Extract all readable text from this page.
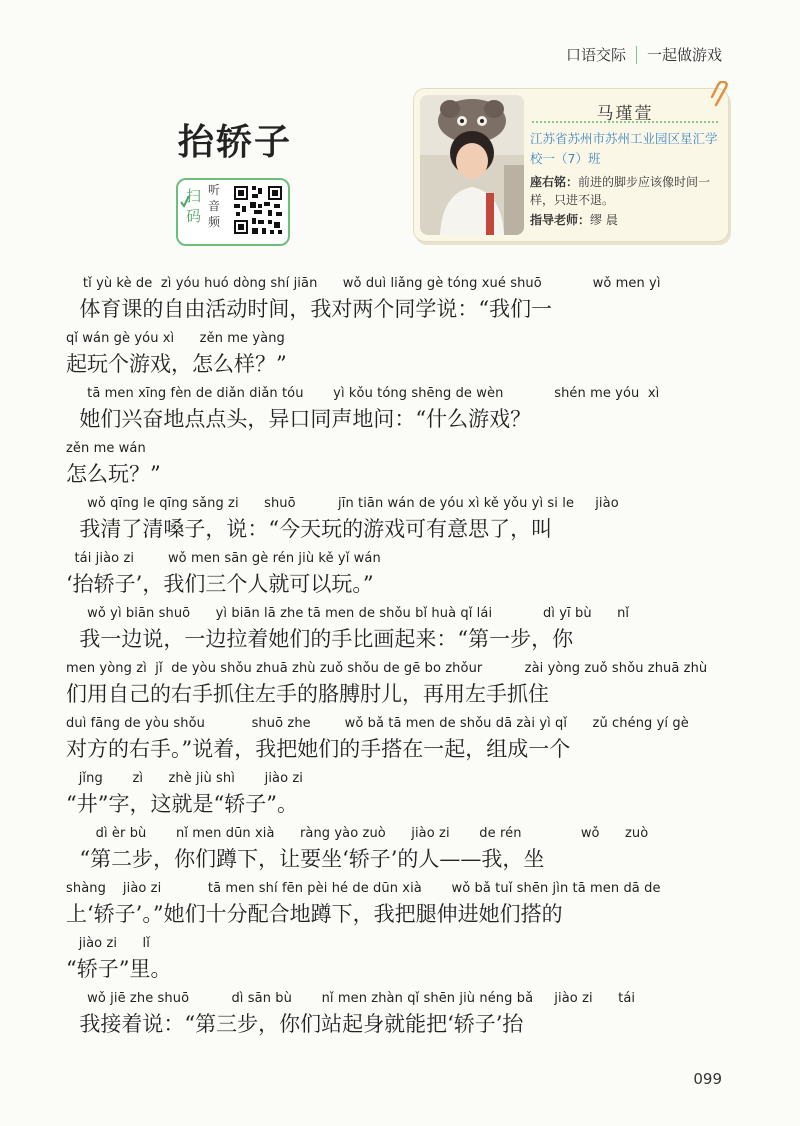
口语交际 一起做游戏
抬轿子
扫码
听音频
马瑾萱
江苏省苏州市苏州工业园区星汇学校一（7）班
座右铭：前进的脚步应该像时间一样，只进不退。
指导老师：缪 晨
tǐ yù kè de  zì yóu huó dòng shí jiān      wǒ duì liǎng gè tóng xué shuō            wǒ men yì
体育课的自由活动时间，我对两个同学说：“我们一
qǐ wán gè yóu xì      zěn me yàng
起玩个游戏，怎么样？”
tā men xīng fèn de diǎn diǎn tóu       yì kǒu tóng shēng de wèn            shén me yóu  xì
她们兴奋地点点头，异口同声地问：“什么游戏？
zěn me wán
怎么玩？”
wǒ qīng le qīng sǎng zi      shuō          jīn tiān wán de yóu xì kě yǒu yì si le     jiào
我清了清嗓子，说：“今天玩的游戏可有意思了，叫
tái jiào zi        wǒ men sān gè rén jiù kě yǐ wán
‘抬轿子’，我们三个人就可以玩。”
wǒ yì biān shuō      yì biān lā zhe tā men de shǒu bǐ huà qǐ lái            dì yī bù      nǐ
我一边说，一边拉着她们的手比画起来：“第一步，你
men yòng zì  jǐ  de yòu shǒu zhuā zhù zuǒ shǒu de gē bo zhǒur          zài yòng zuǒ shǒu zhuā zhù
们用自己的右手抓住左手的胳膊肘儿，再用左手抓住
duì fāng de yòu shǒu           shuō zhe        wǒ bǎ tā men de shǒu dā zài yì qǐ      zǔ chéng yí gè
对方的右手。”说着，我把她们的手搭在一起，组成一个
jǐng       zì      zhè jiù shì       jiào zi
“井”字，这就是“轿子”。
dì èr bù       nǐ men dūn xià      ràng yào zuò      jiào zi       de rén              wǒ      zuò
“第二步，你们蹲下，让要坐‘轿子’的人——我，坐
shàng    jiào zi           tā men shí fēn pèi hé de dūn xià       wǒ bǎ tuǐ shēn jìn tā men dā de
上‘轿子’。”她们十分配合地蹲下，我把腿伸进她们搭的
jiào zi      lǐ
“轿子”里。
wǒ jiē zhe shuō          dì sān bù       nǐ men zhàn qǐ shēn jiù néng bǎ     jiào zi      tái
我接着说：“第三步，你们站起身就能把‘轿子’抬
099
